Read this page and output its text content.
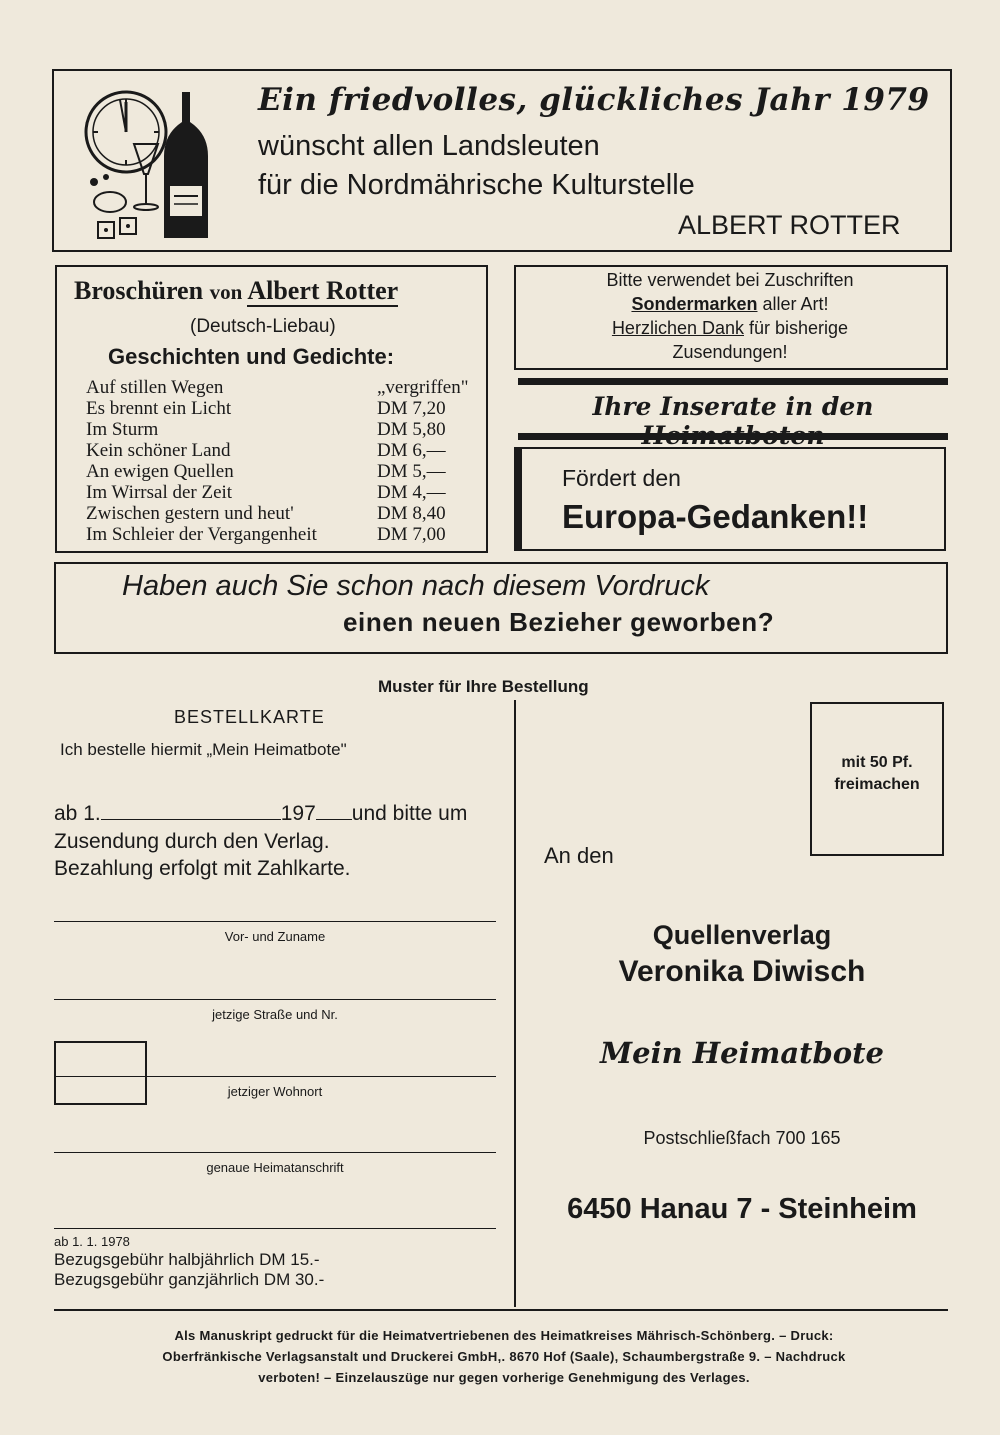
Ein friedvolles, glückliches Jahr 1979
wünscht allen Landsleuten
für die Nordmährische Kulturstelle
ALBERT ROTTER
Broschüren von Albert Rotter
(Deutsch-Liebau)
Geschichten und Gedichte:
Auf stillen Wegen	„vergriffen"
Es brennt ein Licht	DM 7,20
Im Sturm	DM 5,80
Kein schöner Land	DM 6,—
An ewigen Quellen	DM 5,—
Im Wirrsal der Zeit	DM 4,—
Zwischen gestern und heut'	DM 8,40
Im Schleier der Vergangenheit	DM 7,00
Bitte verwendet bei Zuschriften
Sondermarken aller Art!
Herzlichen Dank für bisherige
Zusendungen!
Ihre Inserate in den
Fördert den
Europa-Gedanken!!
Haben auch Sie schon nach diesem Vordruck
einen neuen Bezieher geworben?
Muster für Ihre Bestellung
BESTELLKARTE
Ich bestelle hiermit „Mein Heimatbote"
ab 1.	197 und bitte um
Zusendung durch den Verlag.
Bezahlung erfolgt mit Zahlkarte.
Vor- und Zuname
jetzige Straße und Nr.
jetziger Wohnort
genaue Heimatanschrift
ab 1. 1. 1978
Bezugsgebühr halbjährlich DM 15.-
Bezugsgebühr ganzjährlich DM 30.-
mit 50 Pf.
freimachen
An den
Quellenverlag
Veronika Diwisch
Mein Heimatbote
Postschließfach 700 165
6450 Hanau 7 - Steinheim
Als Manuskript gedruckt für die Heimatvertriebenen des Heimatkreises Mährisch-Schönberg. – Druck:
Oberfränkische Verlagsanstalt und Druckerei GmbH,. 8670 Hof (Saale), Schaumbergstraße 9. – Nachdruck
verboten! – Einzelauszüge nur gegen vorherige Genehmigung des Verlages.
